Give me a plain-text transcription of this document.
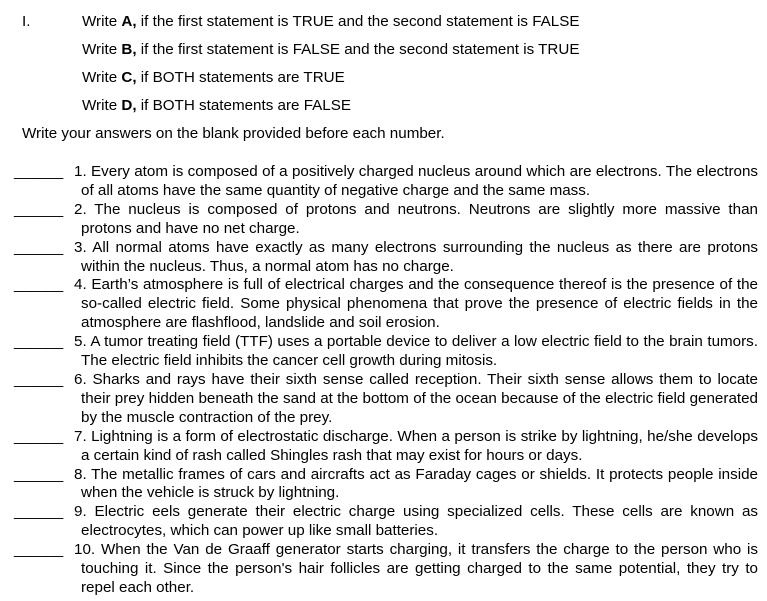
I.	Write A, if the first statement is TRUE and the second statement is FALSE
Write B, if the first statement is FALSE and the second statement is TRUE
Write C, if BOTH statements are TRUE
Write D, if BOTH statements are FALSE
Write your answers on the blank provided before each number.
______ 1. Every atom is composed of a positively charged nucleus around which are electrons. The electrons of all atoms have the same quantity of negative charge and the same mass.
______ 2. The nucleus is composed of protons and neutrons. Neutrons are slightly more massive than protons and have no net charge.
______ 3. All normal atoms have exactly as many electrons surrounding the nucleus as there are protons within the nucleus. Thus, a normal atom has no charge.
______ 4. Earth’s atmosphere is full of electrical charges and the consequence thereof is the presence of the so-called electric field. Some physical phenomena that prove the presence of electric fields in the atmosphere are flashflood, landslide and soil erosion.
______ 5. A tumor treating field (TTF) uses a portable device to deliver a low electric field to the brain tumors. The electric field inhibits the cancer cell growth during mitosis.
______ 6. Sharks and rays have their sixth sense called reception. Their sixth sense allows them to locate their prey hidden beneath the sand at the bottom of the ocean because of the electric field generated by the muscle contraction of the prey.
______ 7. Lightning is a form of electrostatic discharge. When a person is strike by lightning, he/she develops a certain kind of rash called Shingles rash that may exist for hours or days.
______ 8. The metallic frames of cars and aircrafts act as Faraday cages or shields. It protects people inside when the vehicle is struck by lightning.
______ 9. Electric eels generate their electric charge using specialized cells. These cells are known as electrocytes, which can power up like small batteries.
______ 10. When the Van de Graaff generator starts charging, it transfers the charge to the person who is touching it. Since the person's hair follicles are getting charged to the same potential, they try to repel each other.
